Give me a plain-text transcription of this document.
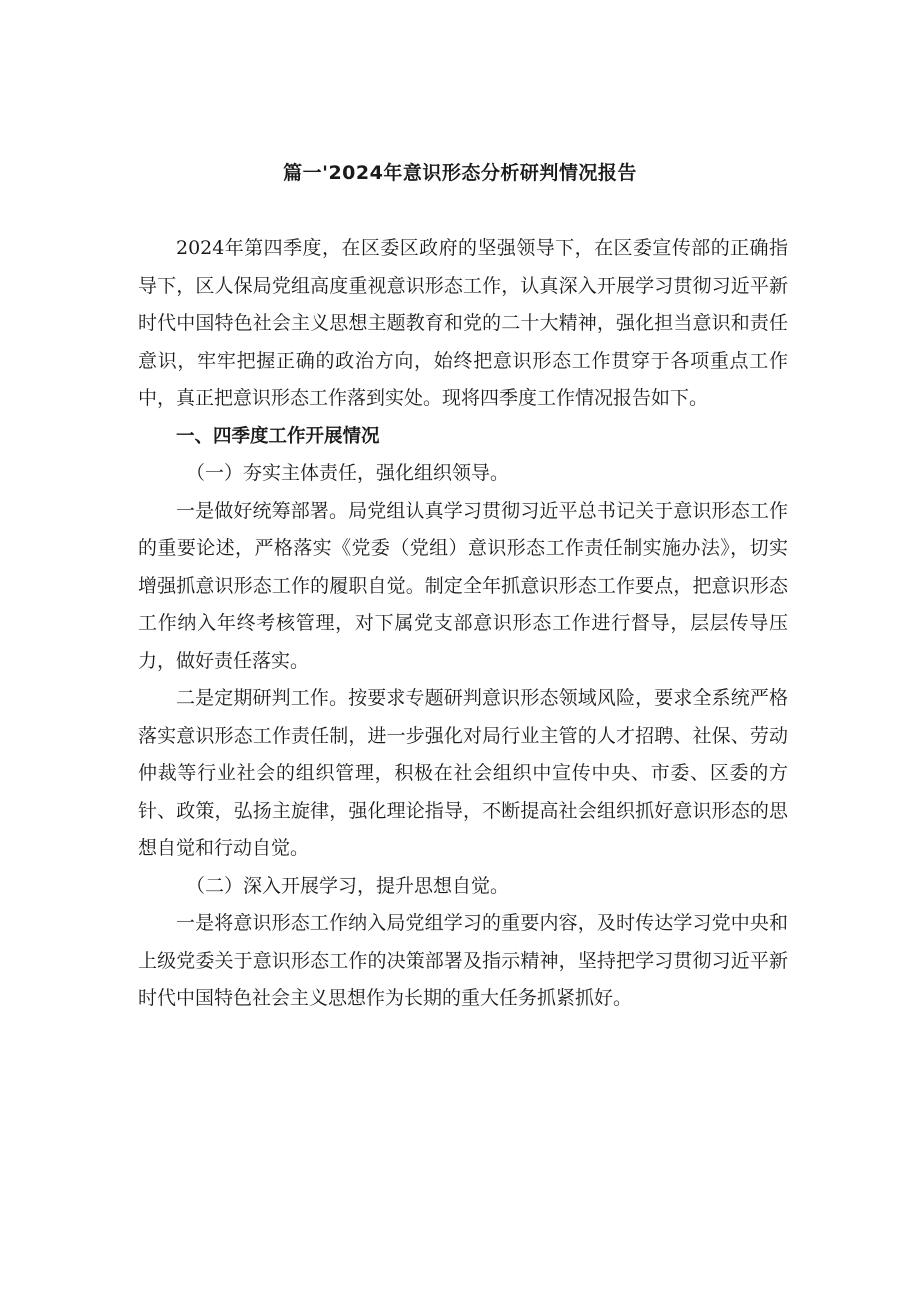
篇一'2024年意识形态分析研判情况报告

2024年第四季度，在区委区政府的坚强领导下，在区委宣传部的正确指导下，区人保局党组高度重视意识形态工作，认真深入开展学习贯彻习近平新时代中国特色社会主义思想主题教育和党的二十大精神，强化担当意识和责任意识，牢牢把握正确的政治方向，始终把意识形态工作贯穿于各项重点工作中，真正把意识形态工作落到实处。现将四季度工作情况报告如下。

一、四季度工作开展情况

（一）夯实主体责任，强化组织领导。

一是做好统筹部署。局党组认真学习贯彻习近平总书记关于意识形态工作的重要论述，严格落实《党委（党组）意识形态工作责任制实施办法》，切实增强抓意识形态工作的履职自觉。制定全年抓意识形态工作要点，把意识形态工作纳入年终考核管理，对下属党支部意识形态工作进行督导，层层传导压力，做好责任落实。

二是定期研判工作。按要求专题研判意识形态领域风险，要求全系统严格落实意识形态工作责任制，进一步强化对局行业主管的人才招聘、社保、劳动仲裁等行业社会的组织管理，积极在社会组织中宣传中央、市委、区委的方针、政策，弘扬主旋律，强化理论指导，不断提高社会组织抓好意识形态的思想自觉和行动自觉。

（二）深入开展学习，提升思想自觉。

一是将意识形态工作纳入局党组学习的重要内容，及时传达学习党中央和上级党委关于意识形态工作的决策部署及指示精神，坚持把学习贯彻习近平新时代中国特色社会主义思想作为长期的重大任务抓紧抓好。
